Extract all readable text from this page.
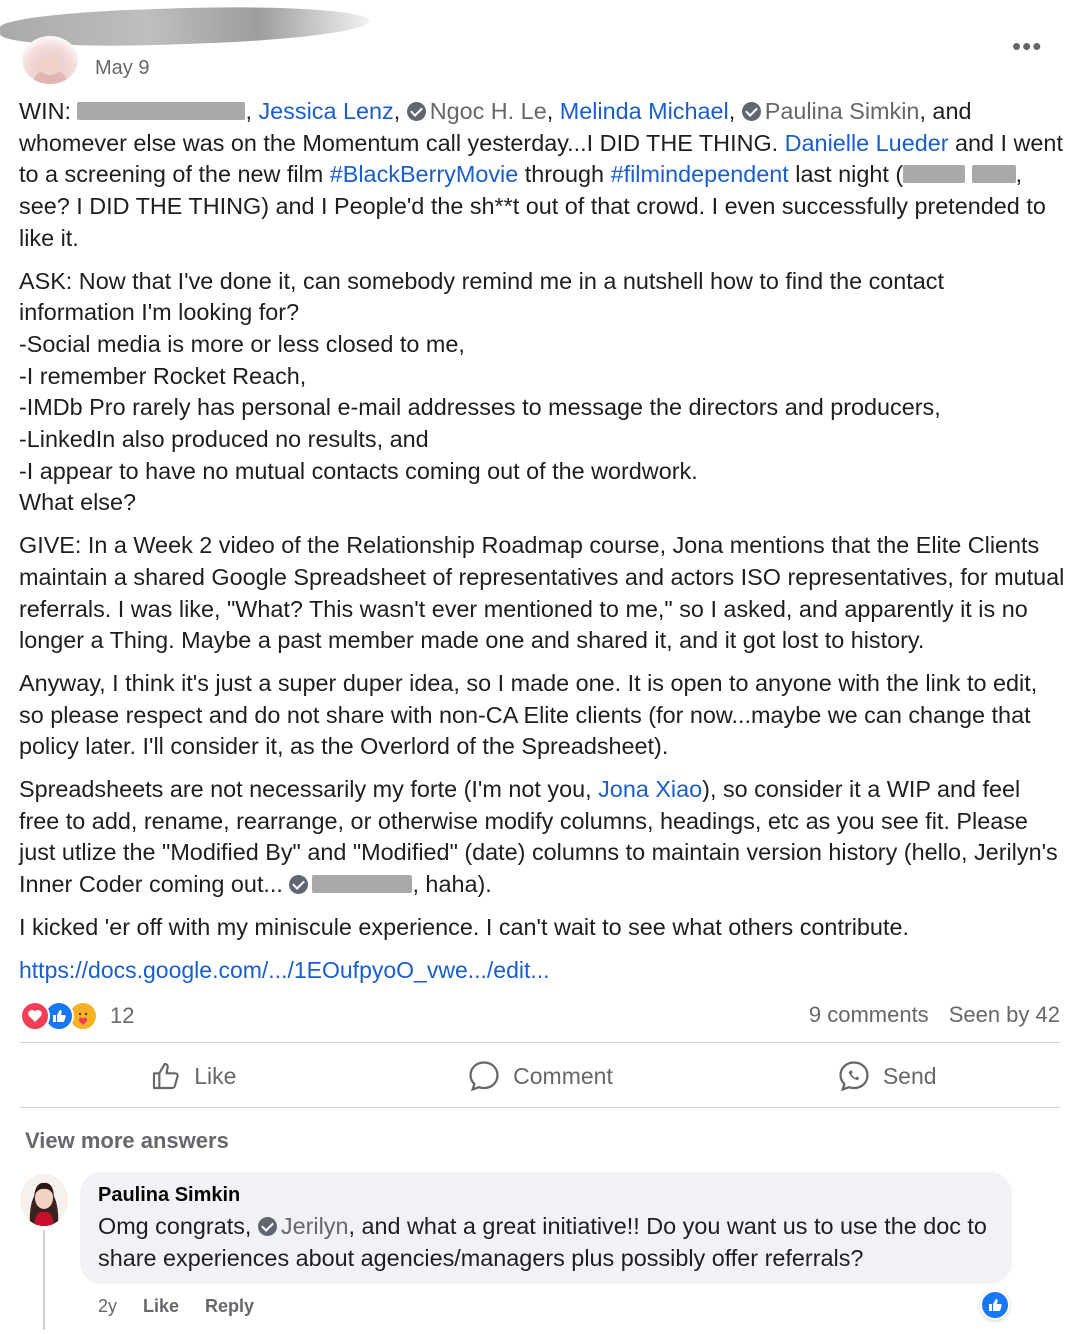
May 9
•••

WIN:	, Jessica Lenz, Ngoc H. Le, Melinda Michael, Paulina Simkin, and whomever else was on the Momentum call yesterday...I DID THE THING. Danielle Lueder and I went to a screening of the new film #BlackBerryMovie through #filmindependent last night (	, see? I DID THE THING) and I People'd the sh**t out of that crowd. I even successfully pretended to like it.

ASK: Now that I've done it, can somebody remind me in a nutshell how to find the contact information I'm looking for?
-Social media is more or less closed to me,
-I remember Rocket Reach,
-IMDb Pro rarely has personal e-mail addresses to message the directors and producers,
-LinkedIn also produced no results, and
-I appear to have no mutual contacts coming out of the wordwork.
What else?

GIVE: In a Week 2 video of the Relationship Roadmap course, Jona mentions that the Elite Clients maintain a shared Google Spreadsheet of representatives and actors ISO representatives, for mutual referrals. I was like, "What? This wasn't ever mentioned to me," so I asked, and apparently it is no longer a Thing. Maybe a past member made one and shared it, and it got lost to history.

Anyway, I think it's just a super duper idea, so I made one. It is open to anyone with the link to edit, so please respect and do not share with non-CA Elite clients (for now...maybe we can change that policy later. I'll consider it, as the Overlord of the Spreadsheet).

Spreadsheets are not necessarily my forte (I'm not you, Jona Xiao), so consider it a WIP and feel free to add, rename, rearrange, or otherwise modify columns, headings, etc as you see fit. Please just utlize the "Modified By" and "Modified" (date) columns to maintain version history (hello, Jerilyn's Inner Coder coming out...	, haha).

I kicked 'er off with my miniscule experience. I can't wait to see what others contribute.

https://docs.google.com/.../1EOufpyoO_vwe.../edit...

12	9 comments Seen by 42
Like	Comment	Send
View more answers
Paulina Simkin
Omg congrats, Jerilyn, and what a great initiative!! Do you want us to use the doc to share experiences about agencies/managers plus possibly offer referrals?
2y Like Reply
